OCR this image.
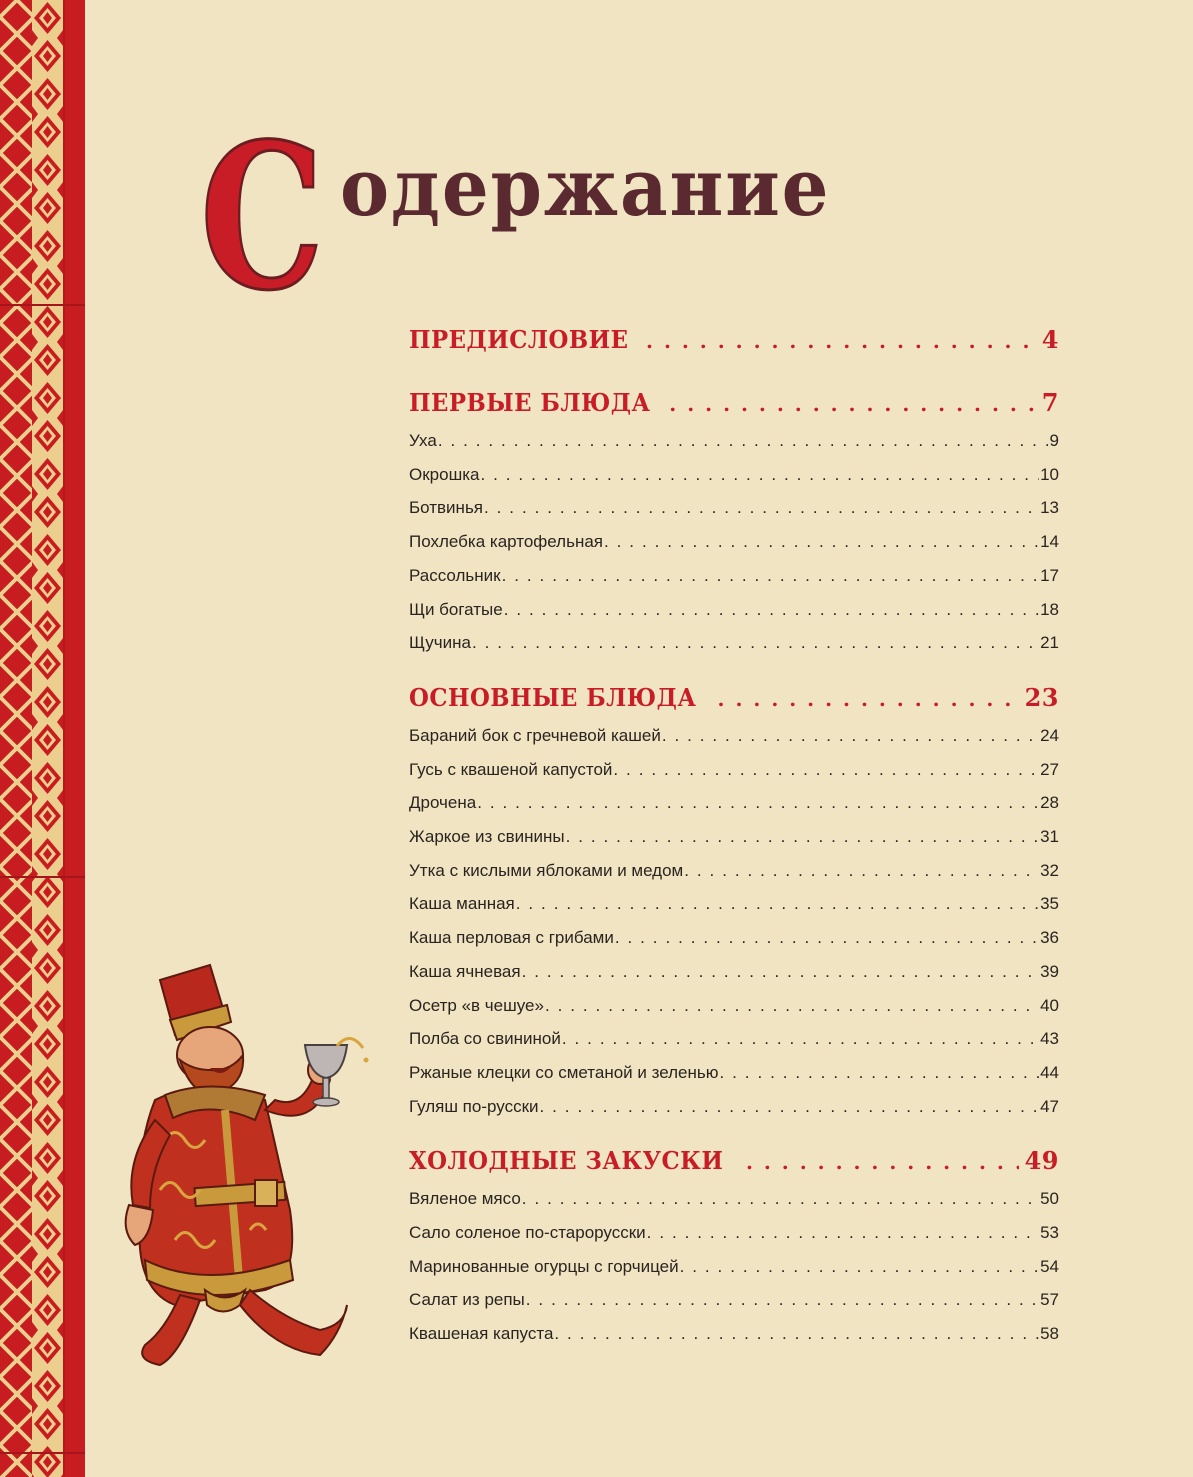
С одержание
ПРЕДИСЛОВИЕ . . .	4
ПЕРВЫЕ БЛЮДА . . .	7
Уха . . .	9
Окрошка . . .	10
Ботвинья . . .	13
Похлебка картофельная . . .	14
Рассольник . . .	17
Щи богатые . . .	18
Щучина . . .	21
ОСНОВНЫЕ БЛЮДА . . .	23
Бараний бок с гречневой кашей . . .	24
Гусь с квашеной капустой . . .	27
Дрочена . . .	28
Жаркое из свинины . . .	31
Утка с кислыми яблоками и медом . . .	32
Каша манная . . .	35
Каша перловая с грибами . . .	36
Каша ячневая . . .	39
Осетр «в чешуе» . . .	40
Полба со свининой . . .	43
Ржаные клецки со сметаной и зеленью . . .	44
Гуляш по-русски . . .	47
ХОЛОДНЫЕ ЗАКУСКИ . . .	49
Вяленое мясо . . .	50
Сало соленое по-старорусски . . .	53
Маринованные огурцы с горчицей . . .	54
Салат из репы . . .	57
Квашеная капуста . . .	58
